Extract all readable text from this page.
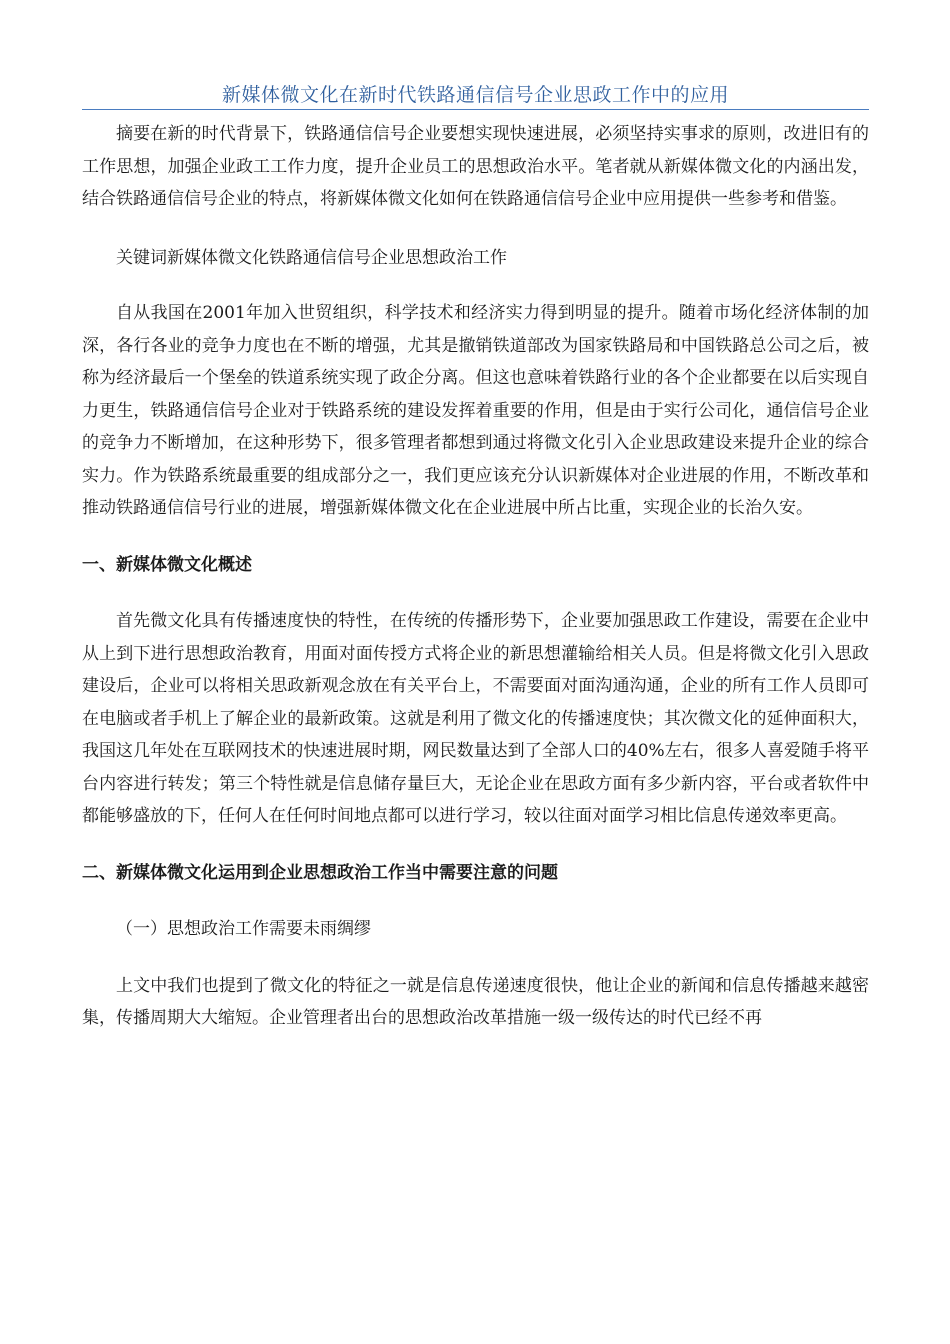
新媒体微文化在新时代铁路通信信号企业思政工作中的应用

摘要在新的时代背景下，铁路通信信号企业要想实现快速进展，必须坚持实事求的原则，改进旧有的工作思想，加强企业政工工作力度，提升企业员工的思想政治水平。笔者就从新媒体微文化的内涵出发，结合铁路通信信号企业的特点，将新媒体微文化如何在铁路通信信号企业中应用提供一些参考和借鉴。

关键词新媒体微文化铁路通信信号企业思想政治工作

自从我国在2001年加入世贸组织，科学技术和经济实力得到明显的提升。随着市场化经济体制的加深，各行各业的竞争力度也在不断的增强，尤其是撤销铁道部改为国家铁路局和中国铁路总公司之后，被称为经济最后一个堡垒的铁道系统实现了政企分离。但这也意味着铁路行业的各个企业都要在以后实现自力更生，铁路通信信号企业对于铁路系统的建设发挥着重要的作用，但是由于实行公司化，通信信号企业的竞争力不断增加，在这种形势下，很多管理者都想到通过将微文化引入企业思政建设来提升企业的综合实力。作为铁路系统最重要的组成部分之一，我们更应该充分认识新媒体对企业进展的作用，不断改革和推动铁路通信信号行业的进展，增强新媒体微文化在企业进展中所占比重，实现企业的长治久安。

一、新媒体微文化概述

首先微文化具有传播速度快的特性，在传统的传播形势下，企业要加强思政工作建设，需要在企业中从上到下进行思想政治教育，用面对面传授方式将企业的新思想灌输给相关人员。但是将微文化引入思政建设后，企业可以将相关思政新观念放在有关平台上，不需要面对面沟通沟通，企业的所有工作人员即可在电脑或者手机上了解企业的最新政策。这就是利用了微文化的传播速度快；其次微文化的延伸面积大，我国这几年处在互联网技术的快速进展时期，网民数量达到了全部人口的40%左右，很多人喜爱随手将平台内容进行转发；第三个特性就是信息储存量巨大，无论企业在思政方面有多少新内容，平台或者软件中都能够盛放的下，任何人在任何时间地点都可以进行学习，较以往面对面学习相比信息传递效率更高。

二、新媒体微文化运用到企业思想政治工作当中需要注意的问题

（一）思想政治工作需要未雨绸缪

上文中我们也提到了微文化的特征之一就是信息传递速度很快，他让企业的新闻和信息传播越来越密集，传播周期大大缩短。企业管理者出台的思想政治改革措施一级一级传达的时代已经不再
